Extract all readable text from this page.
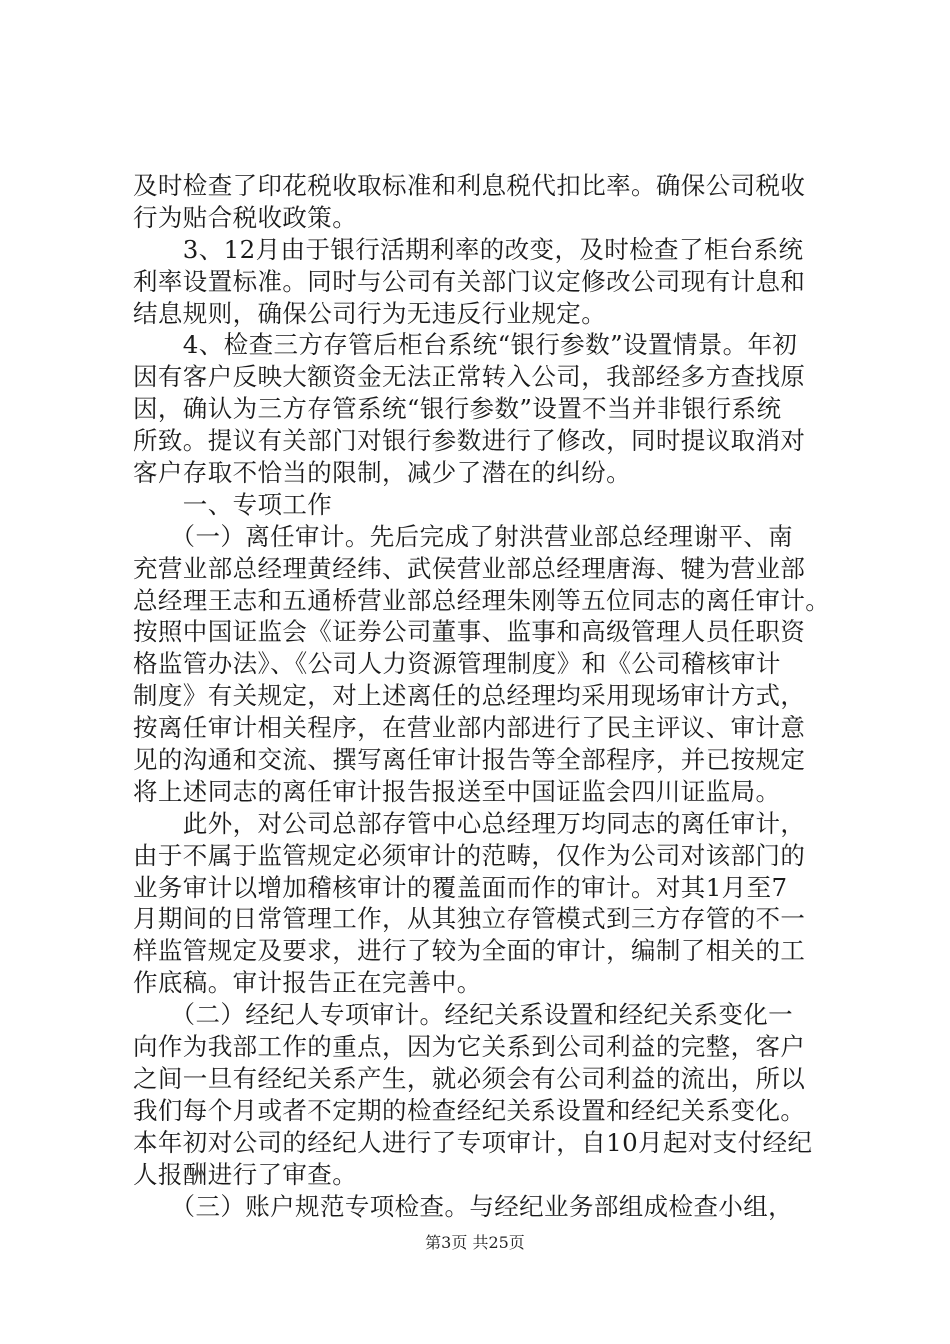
及时检查了印花税收取标准和利息税代扣比率。确保公司税收
行为贴合税收政策。
　　3、12月由于银行活期利率的改变，及时检查了柜台系统
利率设置标准。同时与公司有关部门议定修改公司现有计息和
结息规则，确保公司行为无违反行业规定。
　　4、检查三方存管后柜台系统“银行参数”设置情景。年初
因有客户反映大额资金无法正常转入公司，我部经多方查找原
因，确认为三方存管系统“银行参数”设置不当并非银行系统
所致。提议有关部门对银行参数进行了修改，同时提议取消对
客户存取不恰当的限制，减少了潜在的纠纷。
　　一、专项工作
　　（一）离任审计。先后完成了射洪营业部总经理谢平、南
充营业部总经理黄经纬、武侯营业部总经理唐海、犍为营业部
总经理王志和五通桥营业部总经理朱刚等五位同志的离任审计。
按照中国证监会《证券公司董事、监事和高级管理人员任职资
格监管办法》、《公司人力资源管理制度》和《公司稽核审计
制度》有关规定，对上述离任的总经理均采用现场审计方式，
按离任审计相关程序，在营业部内部进行了民主评议、审计意
见的沟通和交流、撰写离任审计报告等全部程序，并已按规定
将上述同志的离任审计报告报送至中国证监会四川证监局。
　　此外，对公司总部存管中心总经理万均同志的离任审计，
由于不属于监管规定必须审计的范畴，仅作为公司对该部门的
业务审计以增加稽核审计的覆盖面而作的审计。对其1月至7
月期间的日常管理工作，从其独立存管模式到三方存管的不一
样监管规定及要求，进行了较为全面的审计，编制了相关的工
作底稿。审计报告正在完善中。
　　（二）经纪人专项审计。经纪关系设置和经纪关系变化一
向作为我部工作的重点，因为它关系到公司利益的完整，客户
之间一旦有经纪关系产生，就必须会有公司利益的流出，所以
我们每个月或者不定期的检查经纪关系设置和经纪关系变化。
本年初对公司的经纪人进行了专项审计，自10月起对支付经纪
人报酬进行了审查。
　　（三）账户规范专项检查。与经纪业务部组成检查小组，
第3页 共25页
